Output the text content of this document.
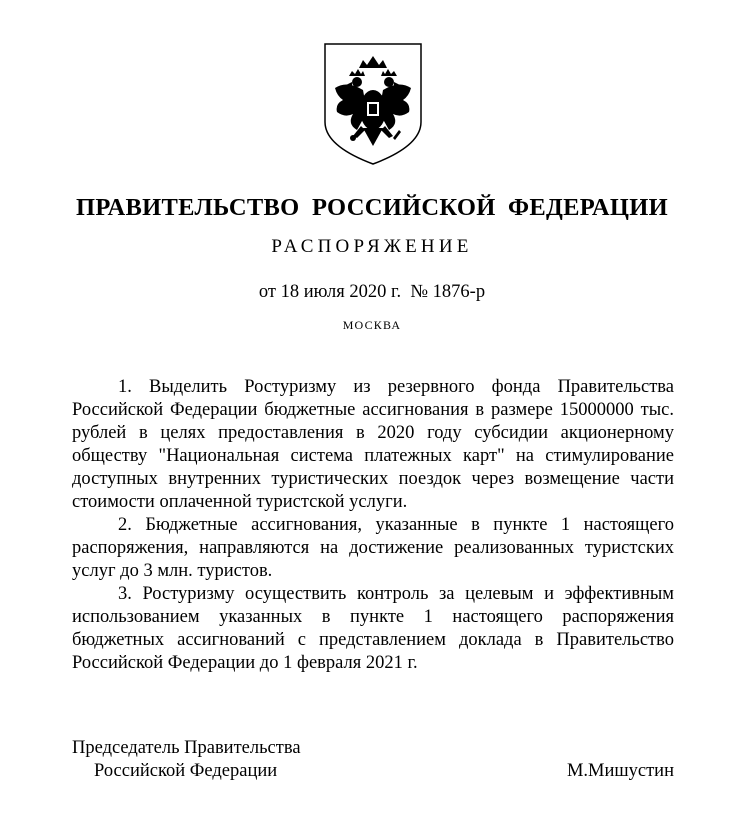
ПРАВИТЕЛЬСТВО РОССИЙСКОЙ ФЕДЕРАЦИИ
РАСПОРЯЖЕНИЕ
от 18 июля 2020 г.  № 1876-р
МОСКВА

1. Выделить Ростуризму из резервного фонда Правительства Российской Федерации бюджетные ассигнования в размере 15000000 тыс. рублей в целях предоставления в 2020 году субсидии акционерному обществу "Национальная система платежных карт" на стимулирование доступных внутренних туристических поездок через возмещение части стоимости оплаченной туристской услуги.

2. Бюджетные ассигнования, указанные в пункте 1 настоящего распоряжения, направляются на достижение реализованных туристских услуг до 3 млн. туристов.

3. Ростуризму осуществить контроль за целевым и эффективным использованием указанных в пункте 1 настоящего распоряжения бюджетных ассигнований с представлением доклада в Правительство Российской Федерации до 1 февраля 2021 г.

Председатель Правительства
Российской Федерации	М.Мишустин
